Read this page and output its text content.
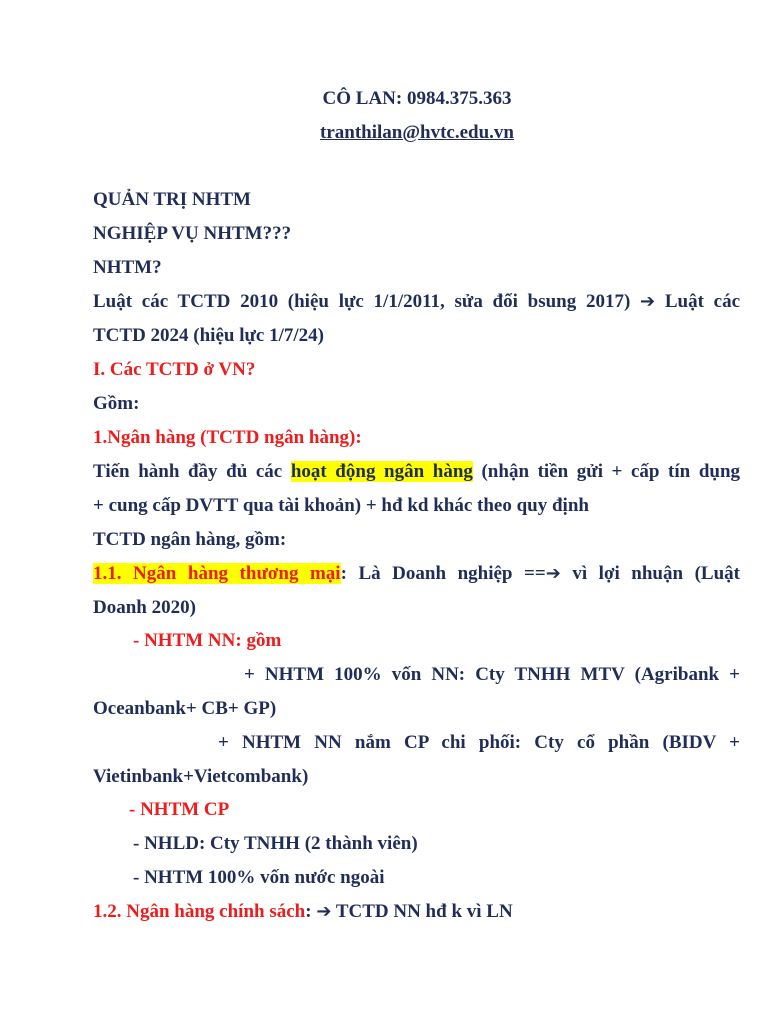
CÔ LAN: 0984.375.363
tranthilan@hvtc.edu.vn
QUẢN TRỊ NHTM
NGHIỆP VỤ NHTM???
NHTM?
Luật các TCTD 2010 (hiệu lực 1/1/2011, sửa đổi bsung 2017) ➔ Luật các
TCTD 2024 (hiệu lực 1/7/24)
I. Các TCTD ở VN?
Gồm:
1.Ngân hàng (TCTD ngân hàng):
Tiến hành đầy đủ các hoạt động ngân hàng (nhận tiền gửi + cấp tín dụng
+ cung cấp DVTT qua tài khoản) + hđ kd khác theo quy định
TCTD ngân hàng, gồm:
1.1. Ngân hàng thương mại: Là Doanh nghiệp ==➔ vì lợi nhuận (Luật
Doanh 2020)
- NHTM NN: gồm
+ NHTM 100% vốn NN: Cty TNHH MTV (Agribank +
Oceanbank+ CB+ GP)
+ NHTM NN nắm CP chi phối: Cty cổ phần (BIDV +
Vietinbank+Vietcombank)
- NHTM CP
- NHLD: Cty TNHH (2 thành viên)
- NHTM 100% vốn nước ngoài
1.2. Ngân hàng chính sách: ➔ TCTD NN hđ k vì LN
